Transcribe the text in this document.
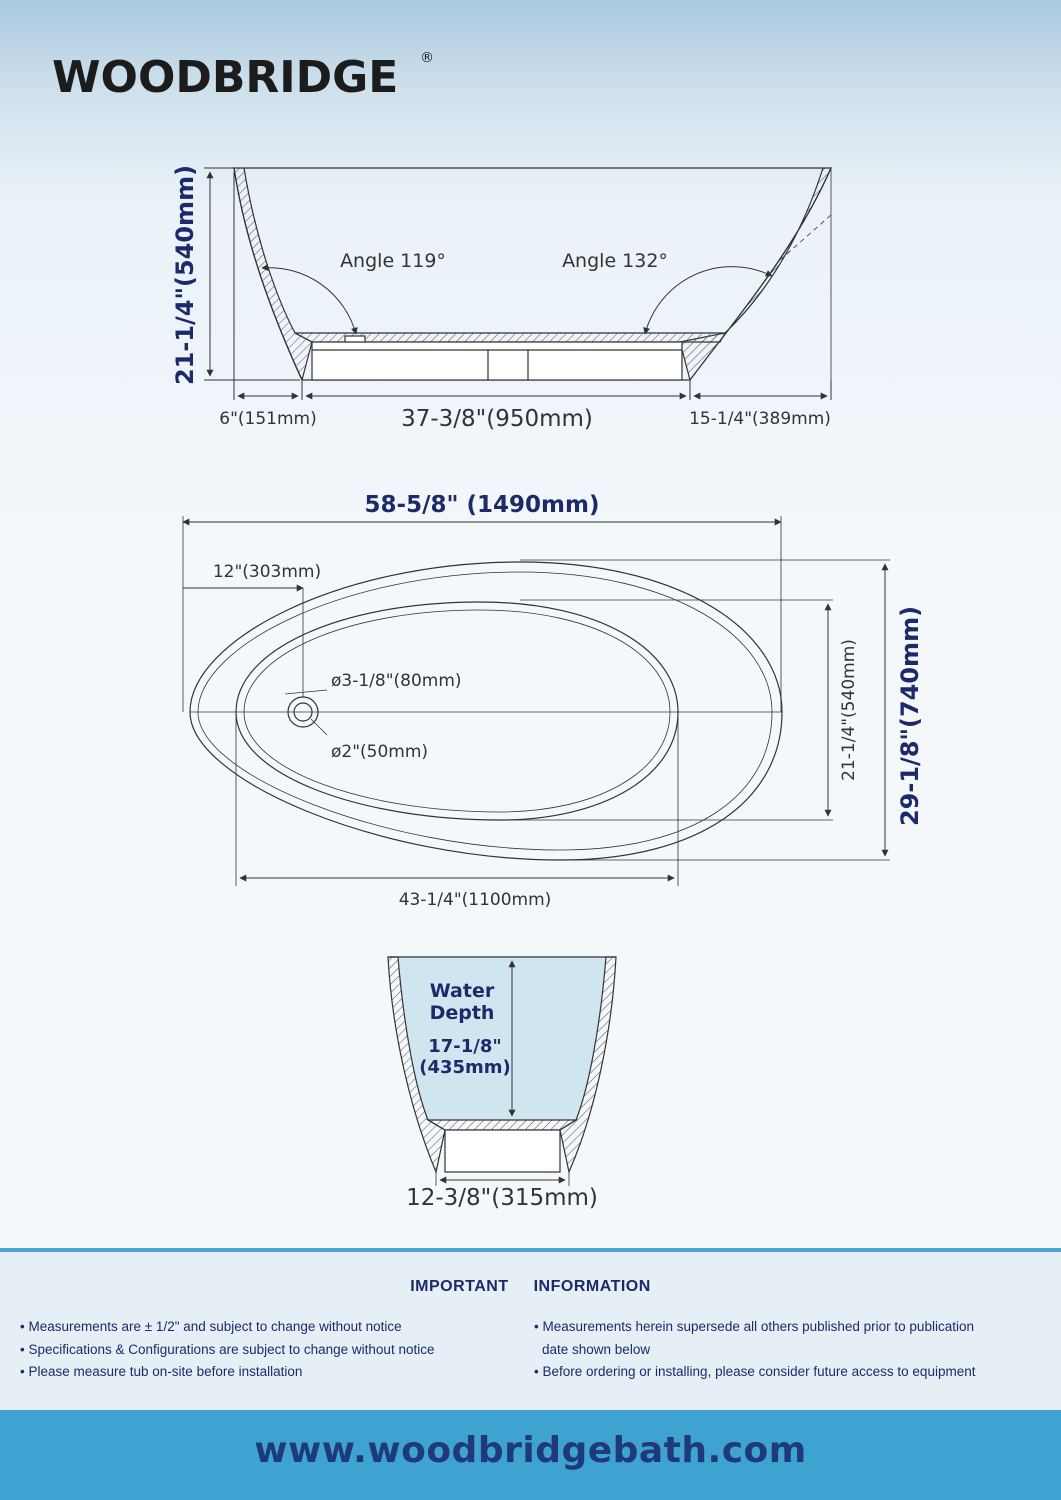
WOODBRIDGE ®
21-1/4"(540mm)	Angle 119°	Angle 132°
6"(151mm)	37-3/8"(950mm)	15-1/4"(389mm)
58-5/8" (1490mm)
12"(303mm)
ø3-1/8"(80mm)
ø2"(50mm)	21-1/4"(540mm) 29-1/8"(740mm)
43-1/4"(1100mm)
Water
Depth
17-1/8"
(435mm)
12-3/8"(315mm)
IMPORTANT INFORMATION
• Measurements are ± 1/2" and subject to change without notice
• Specifications & Configurations are subject to change without notice
• Please measure tub on-site before installation
• Measurements herein supersede all others published prior to publication
date shown below
• Before ordering or installing, please consider future access to equipment
www.woodbridgebath.com
